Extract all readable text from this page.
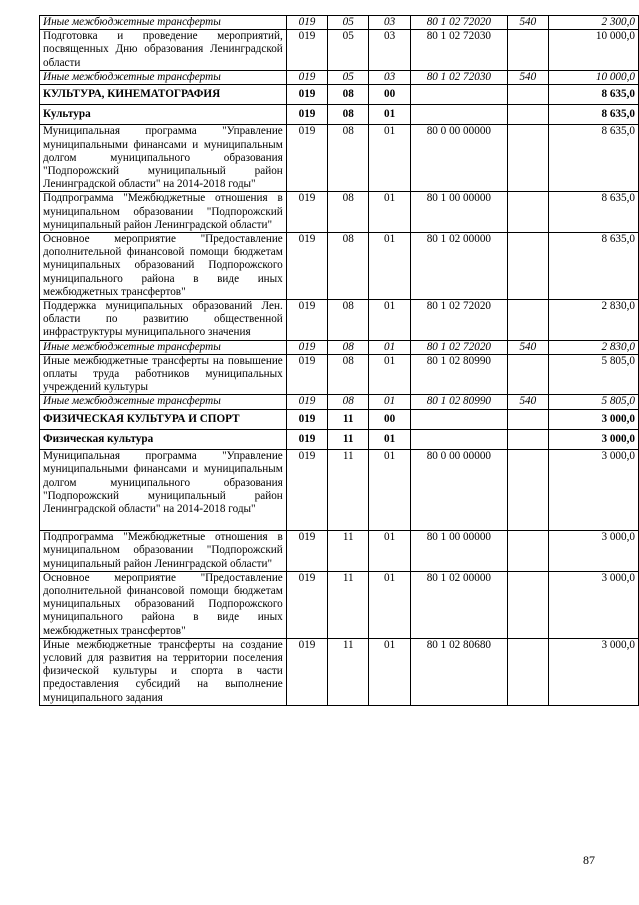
Иные межбюджетные трансферты	019	05	03	80 1 02 72020	540	2 300,0
Подготовка и проведение мероприятий, посвященных Дню образования Ленинградской области	019	05	03	80 1 02 72030		10 000,0
Иные межбюджетные трансферты	019	05	03	80 1 02 72030	540	10 000,0
КУЛЬТУРА, КИНЕМАТОГРАФИЯ	019	08	00			8 635,0
Культура	019	08	01			8 635,0
Муниципальная программа "Управление муниципальными финансами и муниципальным долгом муниципального образования "Подпорожский муниципальный район Ленинградской области" на 2014-2018 годы"	019	08	01	80 0 00 00000		8 635,0
Подпрограмма "Межбюджетные отношения в муниципальном образовании "Подпорожский муниципальный район Ленинградской области"	019	08	01	80 1 00 00000		8 635,0
Основное мероприятие "Предоставление дополнительной финансовой помощи бюджетам муниципальных образований Подпорожского муниципального района в виде иных межбюджетных трансфертов"	019	08	01	80 1 02 00000		8 635,0
Поддержка муниципальных образований Лен. области по развитию общественной инфраструктуры муниципального значения	019	08	01	80 1 02 72020		2 830,0
Иные межбюджетные трансферты	019	08	01	80 1 02 72020	540	2 830,0
Иные межбюджетные трансферты на повышение оплаты труда работников муниципальных учреждений культуры	019	08	01	80 1 02 80990		5 805,0
Иные межбюджетные трансферты	019	08	01	80 1 02 80990	540	5 805,0
ФИЗИЧЕСКАЯ КУЛЬТУРА И СПОРТ	019	11	00			3 000,0
Физическая культура	019	11	01			3 000,0
Муниципальная программа "Управление муниципальными финансами и муниципальным долгом муниципального образования "Подпорожский муниципальный район Ленинградской области" на 2014-2018 годы"	019	11	01	80 0 00 00000		3 000,0
Подпрограмма "Межбюджетные отношения в муниципальном образовании "Подпорожский муниципальный район Ленинградской области"	019	11	01	80 1 00 00000		3 000,0
Основное мероприятие "Предоставление дополнительной финансовой помощи бюджетам муниципальных образований Подпорожского муниципального района в виде иных межбюджетных трансфертов"	019	11	01	80 1 02 00000		3 000,0
Иные межбюджетные трансферты на создание условий для развития на территории поселения физической культуры и спорта в части предоставления субсидий на выполнение муниципального задания	019	11	01	80 1 02 80680		3 000,0
87
